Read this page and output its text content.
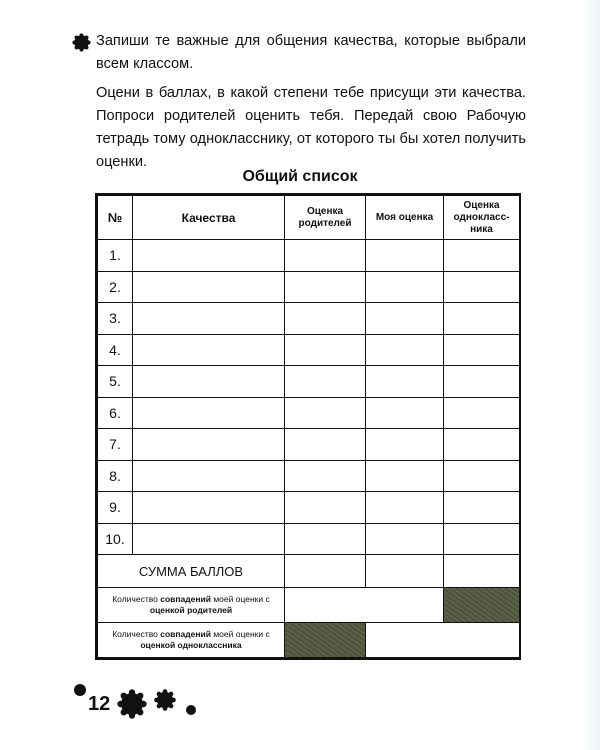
Запиши те важные для общения качества, которые выбрали всем классом.

Оцени в баллах, в какой степени тебе присущи эти качества. Попроси родителей оценить тебя. Передай свою Рабочую тетрадь тому однокласснику, от которого ты бы хотел получить оценки.

Общий список
№	Качества	Оценка родителей	Моя оценка	Оценка однокласс-ника
1.				
2.				
3.				
4.				
5.				
6.				
7.				
8.				
9.				
10.				
СУММА БАЛЛОВ				
Количество совпадений моей оценки с оценкой родителей				
Количество совпадений моей оценки с оценкой одноклассника				
12
